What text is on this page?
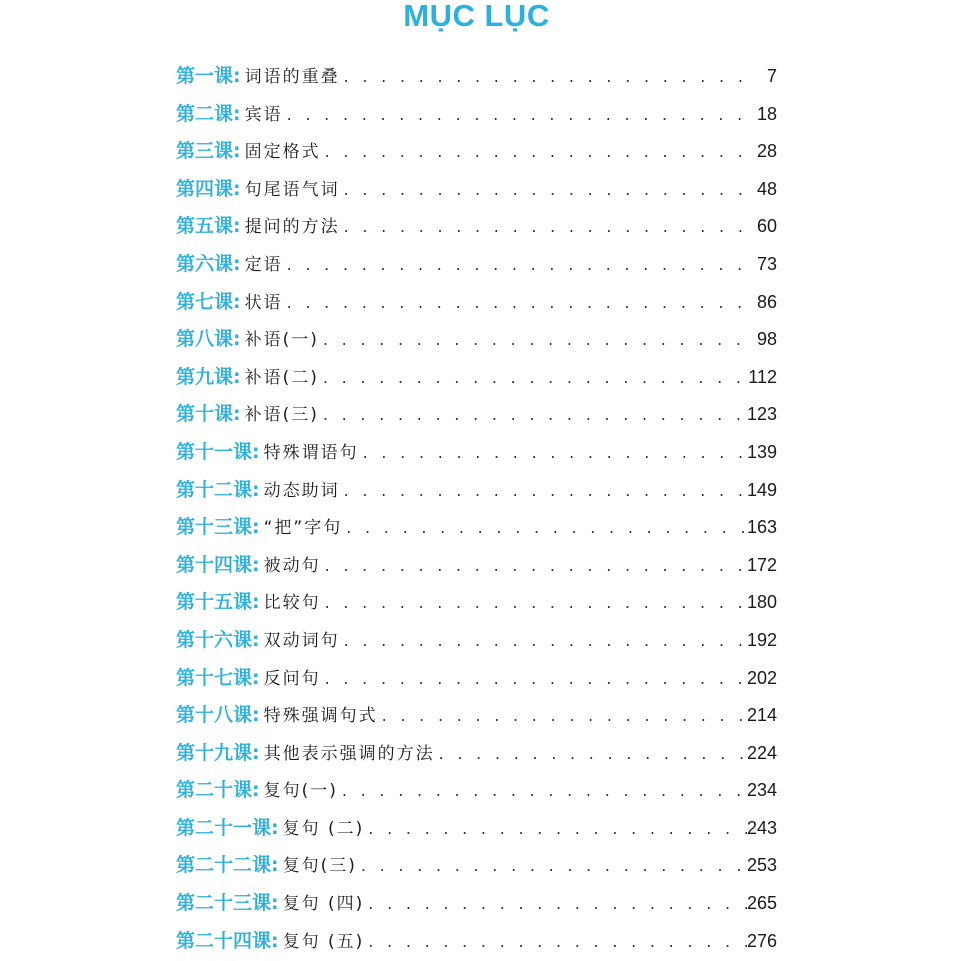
MỤC LỤC
第一课 : 词语的重叠 . . .	7
第二课 : 宾语 . . .	18
第三课 : 固定格式 . . .	28
第四课 : 句尾语气词 . . .	48
第五课 : 提问的方法 . . .	60
第六课 : 定语 . . .	73
第七课 : 状语 . . .	86
第八课 : 补语(一) . . .	98
第九课 : 补语(二) . . .	112
第十课 : 补语(三) . . .	123
第十一课 : 特殊谓语句 . . .	139
第十二课 : 动态助词 . . .	149
第十三课 : “把”字句 . . .	163
第十四课 : 被动句 . . .	172
第十五课 : 比较句 . . .	180
第十六课 : 双动词句 . . .	192
第十七课 : 反问句 . . .	202
第十八课 : 特殊强调句式 . . .	214
第十九课 : 其他表示强调的方法 . . .	224
第二十课 : 复句(一) . . .	234
第二十一课 : 复句 (二) . . .	243
第二十二课 : 复句(三) . . .	253
第二十三课 : 复句 (四) . . .	265
第二十四课 : 复句 (五) . . .	276
